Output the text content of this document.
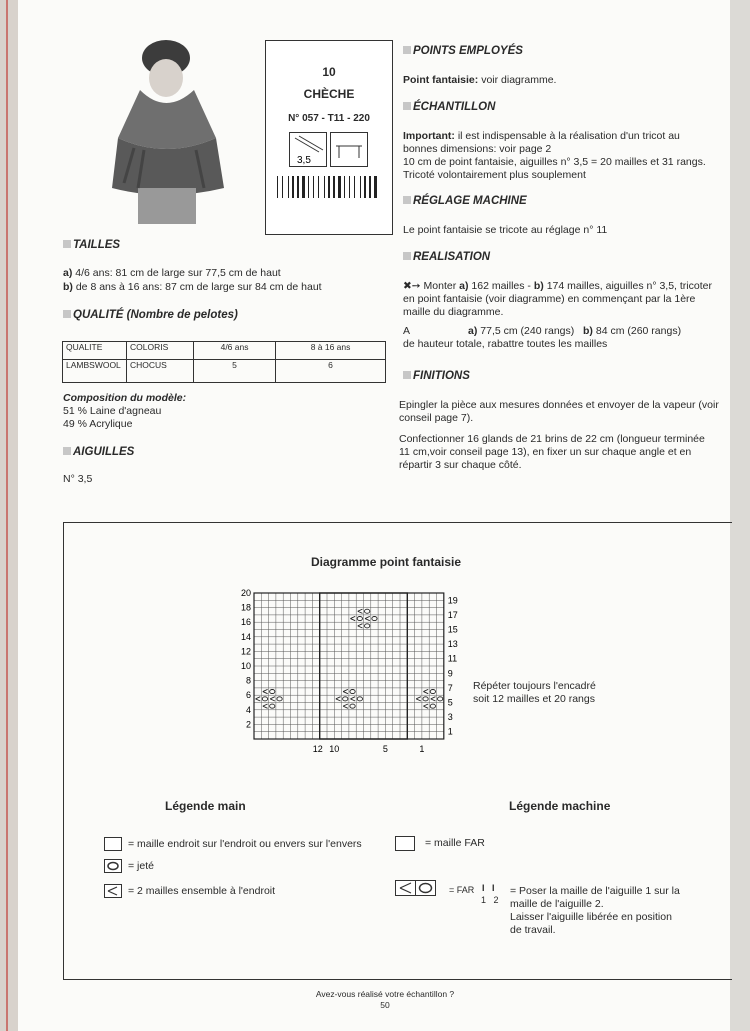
10
CHÈCHE
N° 057 - T11 - 220
3,5
TAILLES
a) 4/6 ans: 81 cm de large sur 77,5 cm de haut
b) de 8 ans à 16 ans: 87 cm de large sur 84 cm de haut
QUALITÉ (Nombre de pelotes)
QUALITE	COLORIS	4/6 ans	8 à 16 ans
LAMBSWOOL	CHOCUS	5	6
Composition du modèle:
51 % Laine d'agneau
49 % Acrylique
AIGUILLES
N° 3,5
POINTS EMPLOYÉS
Point fantaisie: voir diagramme.
ÉCHANTILLON
Important: il est indispensable à la réalisation d'un tricot au
bonnes dimensions: voir page 2
10 cm de point fantaisie, aiguilles n° 3,5 = 20 mailles et 31 rangs.
Tricoté volontairement plus souplement
RÉGLAGE MACHINE
Le point fantaisie se tricote au réglage n° 11
REALISATION
✖➙ Monter a) 162 mailles - b) 174 mailles, aiguilles n° 3,5, tricoter
en point fantaisie (voir diagramme) en commençant par la 1ère
maille du diagramme.
A	a) 77,5 cm (240 rangs) b) 84 cm (260 rangs)
de hauteur totale, rabattre toutes les mailles
FINITIONS
Epingler la pièce aux mesures données et envoyer de la vapeur (voir
conseil page 7).
Confectionner 16 glands de 21 brins de 22 cm (longueur terminée
11 cm,voir conseil page 13), en fixer un sur chaque angle et en
répartir 3 sur chaque côté.
Diagramme point fantaisie
20
18
16
14
12
10
8
6
4
2
19
17
15
13
11
9
7
5
3
1
12 10	5	1
Répéter toujours l'encadré
soit 12 mailles et 20 rangs
Légende main
= maille endroit sur l'endroit ou envers sur l'envers
= jeté
= 2 mailles ensemble à l'endroit
Légende machine
= maille FAR
= FAR I   I
1 2
= Poser la maille de l'aiguille 1 sur la
maille de l'aiguille 2.
Laisser l'aiguille libérée en position
de travail.
Avez-vous réalisé votre échantillon ?
50
